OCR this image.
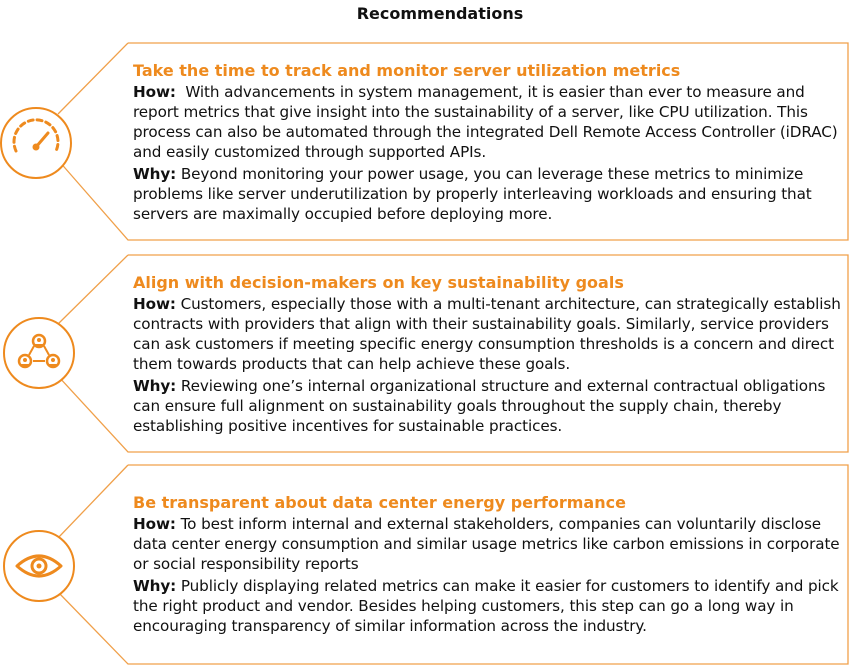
Recommendations
Take the time to track and monitor server utilization metrics

How:  With advancements in system management, it is easier than ever to measure and report metrics that give insight into the sustainability of a server, like CPU utilization. This process can also be automated through the integrated Dell Remote Access Controller (iDRAC) and easily customized through supported APIs.

Why: Beyond monitoring your power usage, you can leverage these metrics to minimize problems like server underutilization by properly interleaving workloads and ensuring that servers are maximally occupied before deploying more.

Align with decision-makers on key sustainability goals

How: Customers, especially those with a multi-tenant architecture, can strategically establish contracts with providers that align with their sustainability goals. Similarly, service providers can ask customers if meeting specific energy consumption thresholds is a concern and direct them towards products that can help achieve these goals.

Why: Reviewing one’s internal organizational structure and external contractual obligations can ensure full alignment on sustainability goals throughout the supply chain, thereby establishing positive incentives for sustainable practices.

Be transparent about data center energy performance

How: To best inform internal and external stakeholders, companies can voluntarily disclose data center energy consumption and similar usage metrics like carbon emissions in corporate or social responsibility reports

Why: Publicly displaying related metrics can make it easier for customers to identify and pick the right product and vendor. Besides helping customers, this step can go a long way in encouraging transparency of similar information across the industry.
